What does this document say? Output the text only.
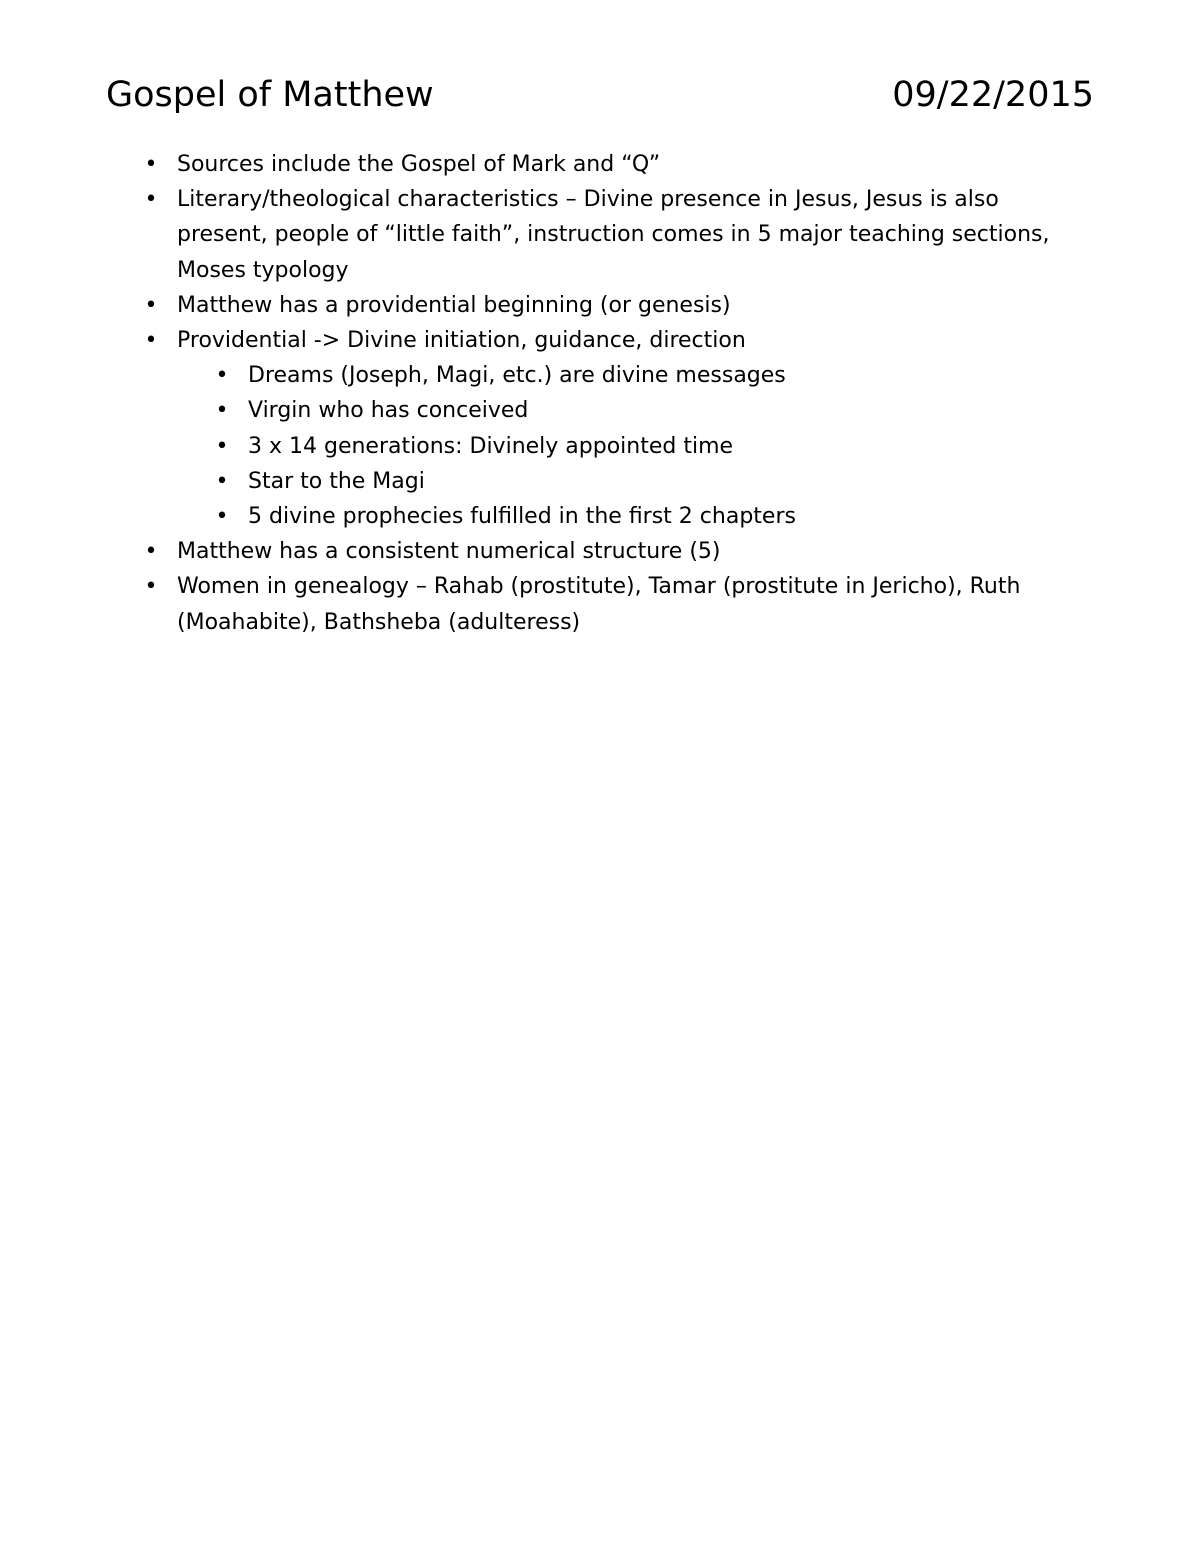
Gospel of Matthew	09/22/2015
• Sources include the Gospel of Mark and “Q”
• Literary/theological characteristics – Divine presence in Jesus, Jesus is also present, people of “little faith”, instruction comes in 5 major teaching sections, Moses typology
• Matthew has a providential beginning (or genesis)
• Providential -> Divine initiation, guidance, direction
• Dreams (Joseph, Magi, etc.) are divine messages
• Virgin who has conceived
• 3 x 14 generations: Divinely appointed time
• Star to the Magi
• 5 divine prophecies fulfilled in the first 2 chapters
• Matthew has a consistent numerical structure (5)
• Women in genealogy – Rahab (prostitute), Tamar (prostitute in Jericho), Ruth (Moahabite), Bathsheba (adulteress)
